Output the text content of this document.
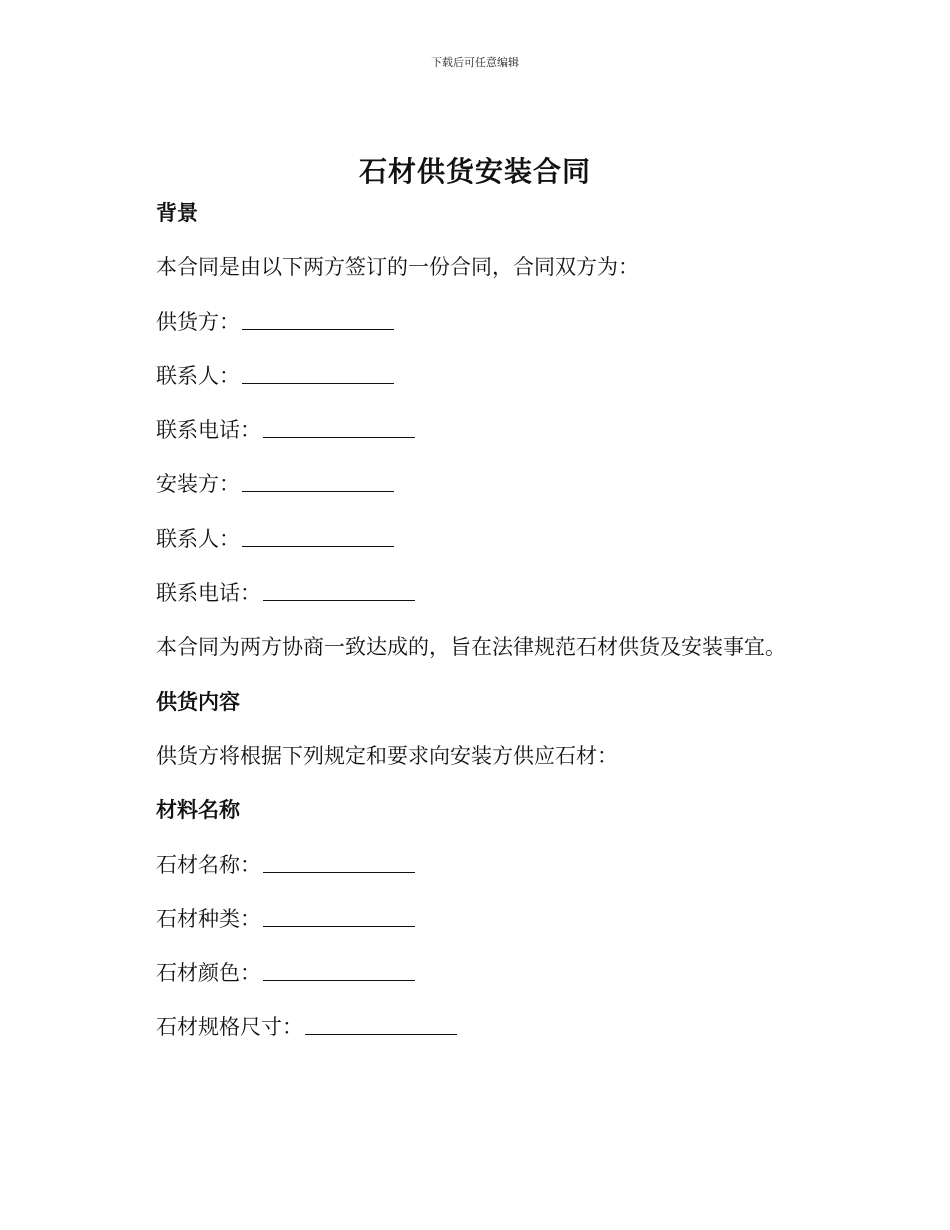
下载后可任意编辑
石材供货安装合同
背景
本合同是由以下两方签订的一份合同，合同双方为：
供货方：
联系人：
联系电话：
安装方：
联系人：
联系电话：
本合同为两方协商一致达成的，旨在法律规范石材供货及安装事宜。
供货内容
供货方将根据下列规定和要求向安装方供应石材：
材料名称
石材名称：
石材种类：
石材颜色：
石材规格尺寸：
